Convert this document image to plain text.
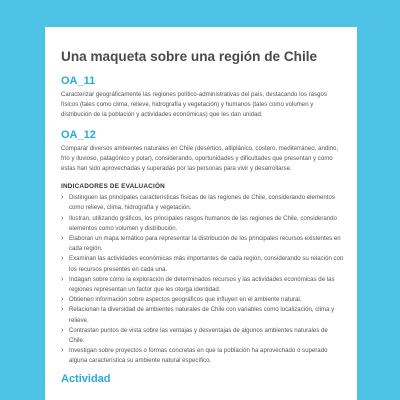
Una maqueta sobre una región de Chile
OA_11
Caracterizar geográficamente las regiones político-administrativas del país, destacando los rasgos físicos (tales como clima, relieve, hidrografía y vegetación) y humanos (tales como volumen y distribución de la población y actividades económicas) que les dan unidad.
OA_12
Comparar diversos ambientes naturales en Chile (desértico, altiplánico, costero, mediterráneo, andino, frío y lluvioso, patagónico y polar), considerando, oportunidades y dificultades que presentan y cómo estas han sido aprovechadas y superadas por las personas para vivir y desarrollarse.
INDICADORES DE EVALUACIÓN
› Distinguen las principales características físicas de las regiones de Chile, considerando elementos como relieve, clima, hidrografía y vegetación.
› Ilustran, utilizando gráficos, los principales rasgos humanos de las regiones de Chile, considerando elementos como volumen y distribución.
› Elaboran un mapa temático para representar la distribución de los principales recursos existentes en cada región.
› Examinan las actividades económicas más importantes de cada región, considerando su relación con los recursos presentes en cada una.
› Indagan sobre cómo la exploración de determinados recursos y las actividades económicas de las regiones representan un factor que les otorga identidad.
› Obtienen información sobre aspectos geográficos que influyen en el ambiente natural.
› Relacionan la diversidad de ambientes naturales de Chile con variables como localización, clima y relieve.
› Contrastan puntos de vista sobre las ventajas y desventajas de algunos ambientes naturales de Chile.
› Investigan sobre proyectos o formas concretas en que la población ha aprovechado o superado alguna característica su ambiente natural específico.
Actividad
